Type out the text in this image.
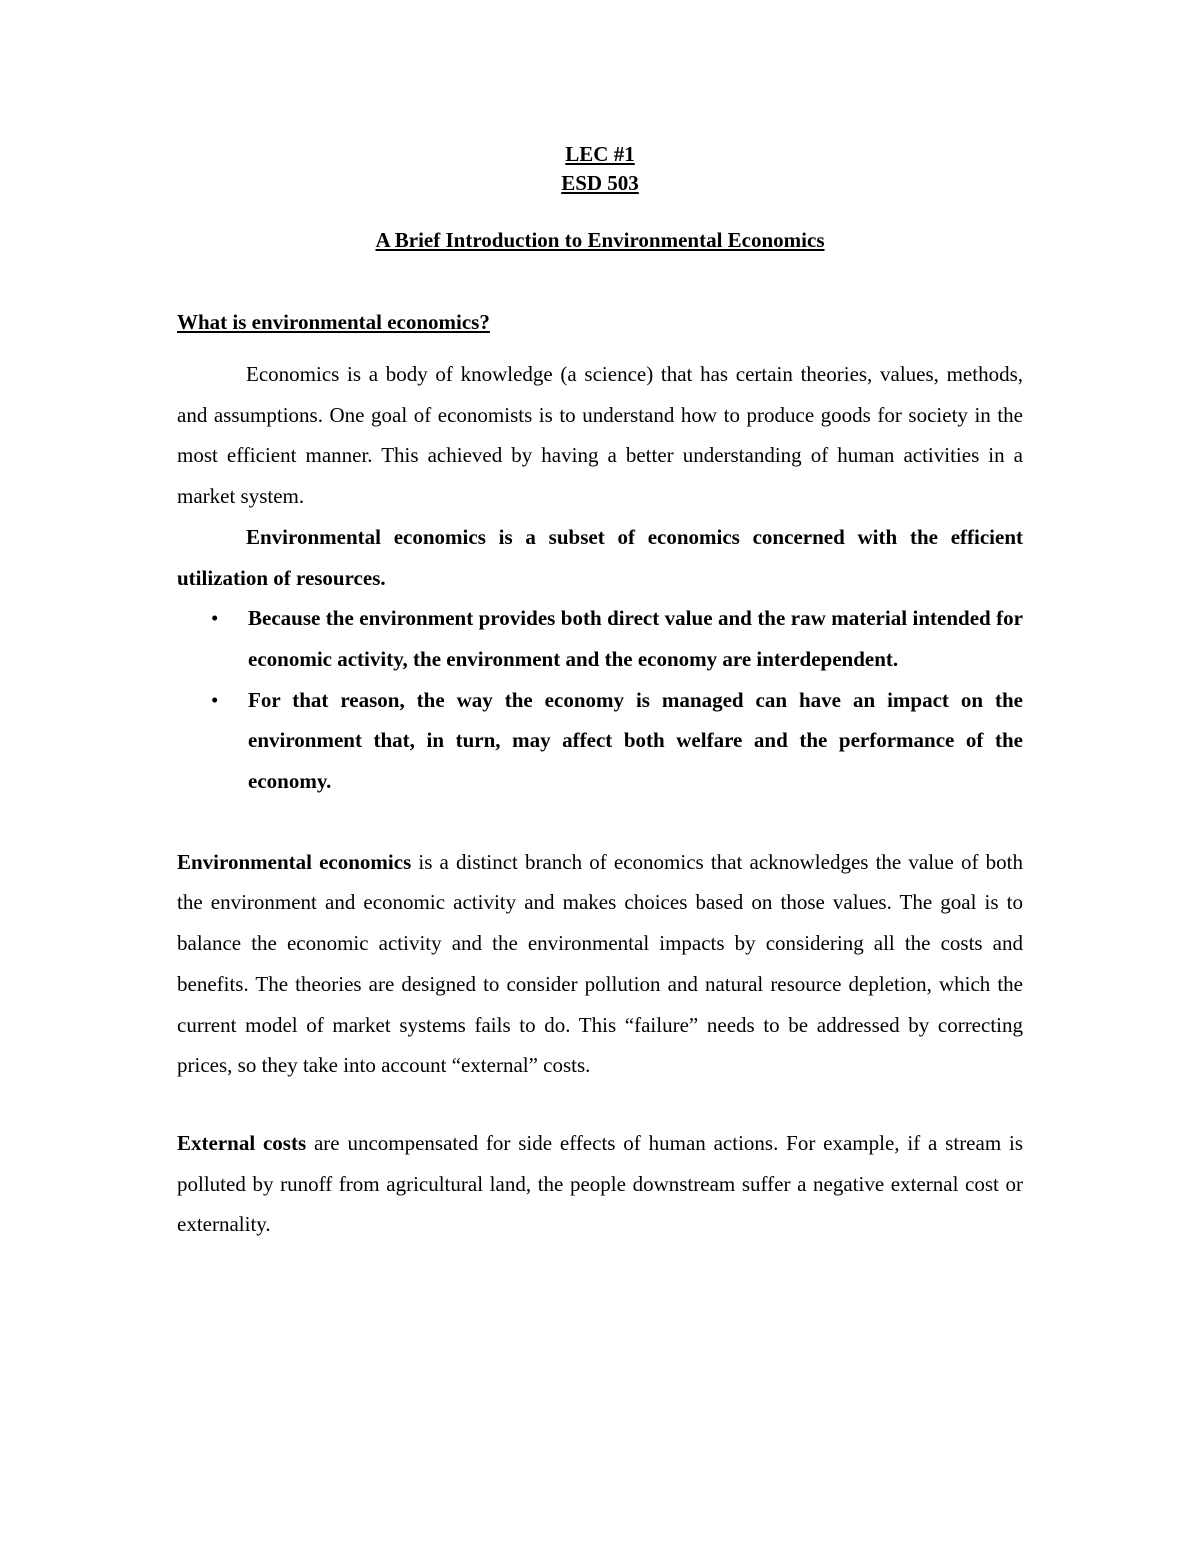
LEC #1
ESD 503
A Brief Introduction to Environmental Economics
What is environmental economics?

Economics is a body of knowledge (a science) that has certain theories, values, methods, and assumptions. One goal of economists is to understand how to produce goods for society in the most efficient manner. This achieved by having a better understanding of human activities in a market system.

Environmental economics is a subset of economics concerned with the efficient utilization of resources.

• Because the environment provides both direct value and the raw material intended for economic activity, the environment and the economy are interdependent.
• For that reason, the way the economy is managed can have an impact on the environment that, in turn, may affect both welfare and the performance of the economy.

Environmental economics is a distinct branch of economics that acknowledges the value of both the environment and economic activity and makes choices based on those values. The goal is to balance the economic activity and the environmental impacts by considering all the costs and benefits. The theories are designed to consider pollution and natural resource depletion, which the current model of market systems fails to do. This “failure” needs to be addressed by correcting prices, so they take into account “external” costs.

External costs are uncompensated for side effects of human actions. For example, if a stream is polluted by runoff from agricultural land, the people downstream suffer a negative external cost or externality.
